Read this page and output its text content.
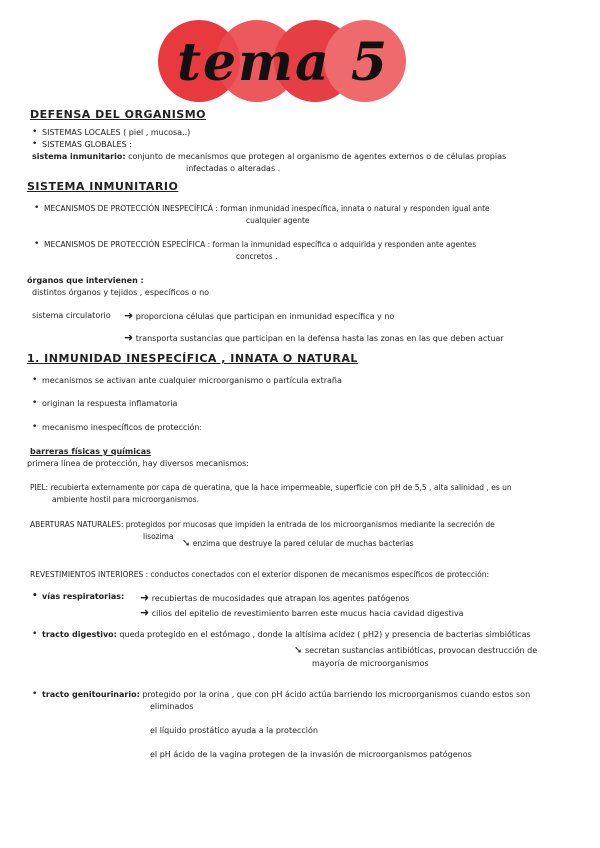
tema 5
DEFENSA DEL ORGANISMO
• SISTEMAS LOCALES ( piel , mucosa..)
• SISTEMAS GLOBALES :
sistema inmunitario: conjunto de mecanismos que protegen al organismo de agentes externos o de células propias
infectadas o alteradas .
SISTEMA INMUNITARIO
• MECANISMOS DE PROTECCIÓN INESPECÍFICA : forman inmunidad inespecífica, innata o natural y responden igual ante
cualquier agente
• MECANISMOS DE PROTECCIÓN ESPECÍFICA : forman la inmunidad específica o adquirida y responden ante agentes
concretos .
órganos que intervienen :
distintos órganos y tejidos , específicos o no
sistema circulatorio ➜ proporciona células que participan en inmunidad específica y no
➜ transporta sustancias que participan en la defensa hasta las zonas en las que deben actuar
1. INMUNIDAD INESPECÍFICA , INNATA O NATURAL
• mecanismos se activan ante cualquier microorganismo o partícula extraña
• originan la respuesta inflamatoria
• mecanismo inespecíficos de protección:
barreras físicas y químicas
primera línea de protección, hay diversos mecanismos:
PIEL: recubierta externamente por capa de queratina, que la hace impermeable, superficie con pH de 5,5 , alta salinidad , es un
ambiente hostil para microorganismos.
ABERTURAS NATURALES: protegidos por mucosas que impiden la entrada de los microorganismos mediante la secreción de
lisozima
➘ enzima que destruye la pared celular de muchas bacterias
REVESTIMIENTOS INTERIORES : conductos conectados con el exterior disponen de mecanismos específicos de protección:
• vías respiratorias: ➜ recubiertas de mucosidades que atrapan los agentes patógenos
➜ cilios del epitelio de revestimiento barren este mucus hacia cavidad digestiva
• tracto digestivo: queda protegido en el estómago , donde la altísima acidez ( pH2) y presencia de bacterias simbióticas
➘ secretan sustancias antibióticas, provocan destrucción de
mayoría de microorganismos
• tracto genitourinario: protegido por la orina , que con pH ácido actúa barriendo los microorganismos cuando estos son
eliminados
el líquido prostático ayuda a la protección
el pH ácido de la vagina protegen de la invasión de microorganismos patógenos
